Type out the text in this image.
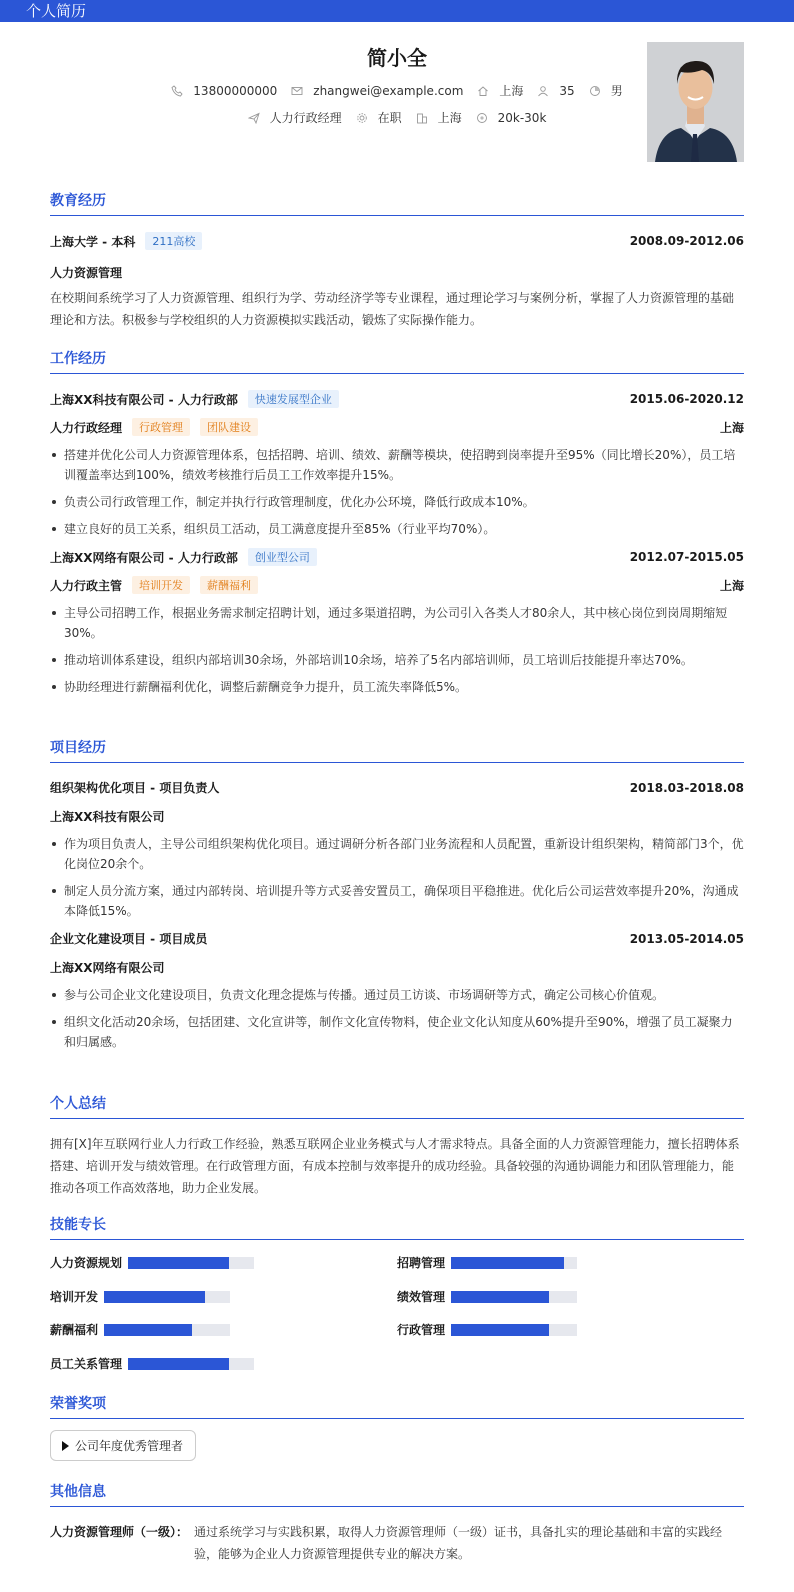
个人简历
简小全
13800000000	zhangwei@example.com	上海	35	男
人力行政经理	在职	上海	20k-30k
教育经历
上海大学 - 本科	211高校	2008.09-2012.06
人力资源管理
在校期间系统学习了人力资源管理、组织行为学、劳动经济学等专业课程，通过理论学习与案例分析，掌握了人力资源管理的基础理论和方法。积极参与学校组织的人力资源模拟实践活动，锻炼了实际操作能力。
工作经历
上海XX科技有限公司 - 人力行政部	快速发展型企业	2015.06-2020.12
人力行政经理	行政管理	团队建设	上海
搭建并优化公司人力资源管理体系，包括招聘、培训、绩效、薪酬等模块，使招聘到岗率提升至95%（同比增长20%），员工培训覆盖率达到100%，绩效考核推行后员工工作效率提升15%。
负责公司行政管理工作，制定并执行行政管理制度，优化办公环境，降低行政成本10%。
建立良好的员工关系，组织员工活动，员工满意度提升至85%（行业平均70%）。
上海XX网络有限公司 - 人力行政部	创业型公司	2012.07-2015.05
人力行政主管	培训开发	薪酬福利	上海
主导公司招聘工作，根据业务需求制定招聘计划，通过多渠道招聘，为公司引入各类人才80余人，其中核心岗位到岗周期缩短30%。
推动培训体系建设，组织内部培训30余场，外部培训10余场，培养了5名内部培训师，员工培训后技能提升率达70%。
协助经理进行薪酬福利优化，调整后薪酬竞争力提升，员工流失率降低5%。
项目经历
组织架构优化项目 - 项目负责人	2018.03-2018.08
上海XX科技有限公司
作为项目负责人，主导公司组织架构优化项目。通过调研分析各部门业务流程和人员配置，重新设计组织架构，精简部门3个，优化岗位20余个。
制定人员分流方案，通过内部转岗、培训提升等方式妥善安置员工，确保项目平稳推进。优化后公司运营效率提升20%，沟通成本降低15%。
企业文化建设项目 - 项目成员	2013.05-2014.05
上海XX网络有限公司
参与公司企业文化建设项目，负责文化理念提炼与传播。通过员工访谈、市场调研等方式，确定公司核心价值观。
组织文化活动20余场，包括团建、文化宣讲等，制作文化宣传物料，使企业文化认知度从60%提升至90%，增强了员工凝聚力和归属感。
个人总结
拥有[X]年互联网行业人力行政工作经验，熟悉互联网企业业务模式与人才需求特点。具备全面的人力资源管理能力，擅长招聘体系搭建、培训开发与绩效管理。在行政管理方面，有成本控制与效率提升的成功经验。具备较强的沟通协调能力和团队管理能力，能推动各项工作高效落地，助力企业发展。
技能专长
人力资源规划	招聘管理
培训开发	绩效管理
薪酬福利	行政管理
员工关系管理
荣誉奖项
公司年度优秀管理者
其他信息
人力资源管理师（一级）： 通过系统学习与实践积累，取得人力资源管理师（一级）证书，具备扎实的理论基础和丰富的实践经验，能够为企业人力资源管理提供专业的解决方案。
